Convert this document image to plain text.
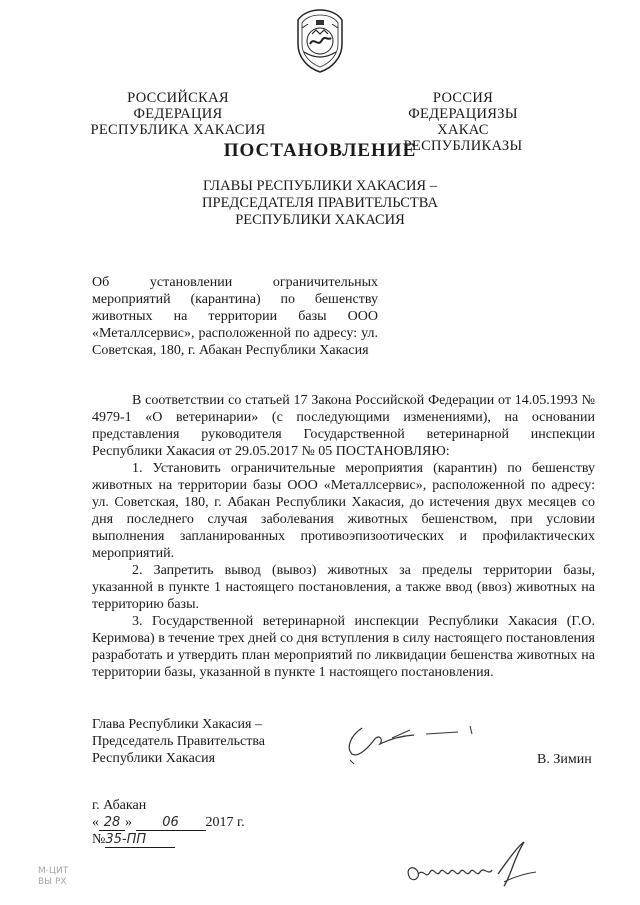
РОССИЙСКАЯ ФЕДЕРАЦИЯ
РЕСПУБЛИКА ХАКАСИЯ
РОССИЯ ФЕДЕРАЦИЯЗЫ
ХАКАС РЕСПУБЛИКАЗЫ
ПОСТАНОВЛЕНИЕ
ГЛАВЫ РЕСПУБЛИКИ ХАКАСИЯ –
ПРЕДСЕДАТЕЛЯ ПРАВИТЕЛЬСТВА
РЕСПУБЛИКИ ХАКАСИЯ
Об установлении ограничительных мероприятий (карантина) по бешенству животных на территории базы ООО «Металлсервис», расположенной по адресу: ул. Советская, 180, г. Абакан Республики Хакасия

В соответствии со статьей 17 Закона Российской Федерации от 14.05.1993 № 4979-1 «О ветеринарии» (с последующими изменениями), на основании представления руководителя Государственной ветеринарной инспекции Республики Хакасия от 29.05.2017 № 05 ПОСТАНОВЛЯЮ:

1. Установить ограничительные мероприятия (карантин) по бешенству животных на территории базы ООО «Металлсервис», расположенной по адресу: ул. Советская, 180, г. Абакан Республики Хакасия, до истечения двух месяцев со дня последнего случая заболевания животных бешенством, при условии выполнения запланированных противоэпизоотических и профилактических мероприятий.

2. Запретить вывод (вывоз) животных за пределы территории базы, указанной в пункте 1 настоящего постановления, а также ввод (ввоз) животных на территорию базы.

3. Государственной ветеринарной инспекции Республики Хакасия (Г.О. Керимова) в течение трех дней со дня вступления в силу настоящего постановления разработать и утвердить план мероприятий по ликвидации бешенства животных на территории базы, указанной в пункте 1 настоящего постановления.

Глава Республики Хакасия –
Председатель Правительства
Республики Хакасия	В. Зимин
г. Абакан
« 28 » 06 2017 г.
№35-ПП
М-ЦИТ
ВЫ РХ
